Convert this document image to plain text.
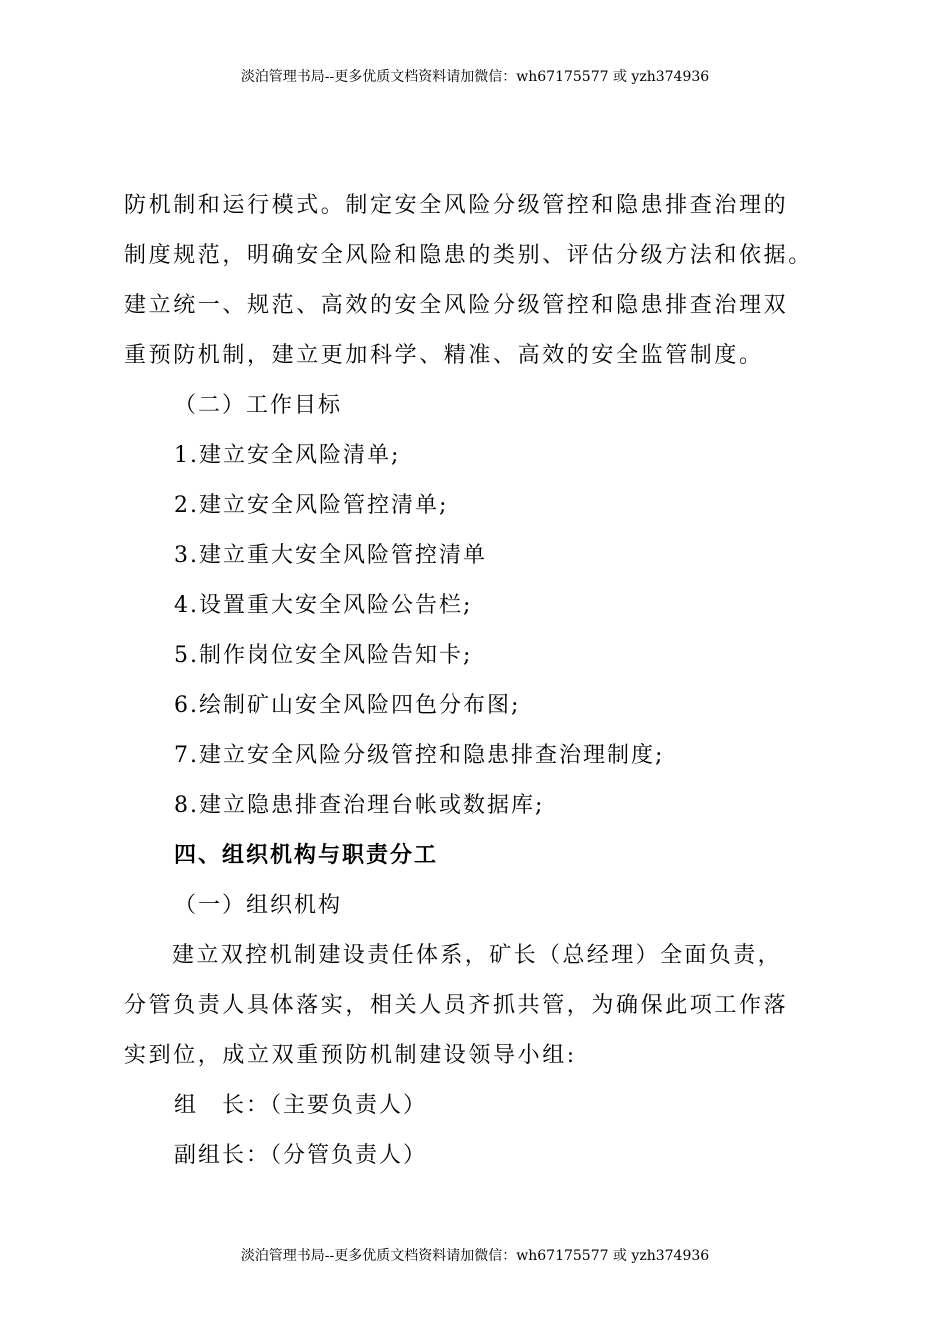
淡泊管理书局--更多优质文档资料请加微信：wh67175577 或 yzh374936
防机制和运行模式。制定安全风险分级管控和隐患排查治理的
制度规范，明确安全风险和隐患的类别、评估分级方法和依据。
建立统一、规范、高效的安全风险分级管控和隐患排查治理双
重预防机制，建立更加科学、精准、高效的安全监管制度。
（二）工作目标
1.建立安全风险清单;
2.建立安全风险管控清单;
3.建立重大安全风险管控清单
4.设置重大安全风险公告栏;
5.制作岗位安全风险告知卡;
6.绘制矿山安全风险四色分布图;
7.建立安全风险分级管控和隐患排查治理制度;
8.建立隐患排查治理台帐或数据库;
四、组织机构与职责分工
（一）组织机构
建立双控机制建设责任体系，矿长（总经理）全面负责，
分管负责人具体落实，相关人员齐抓共管，为确保此项工作落
实到位，成立双重预防机制建设领导小组:
组　长：（主要负责人）
副组长：（分管负责人）
淡泊管理书局--更多优质文档资料请加微信：wh67175577 或 yzh374936
